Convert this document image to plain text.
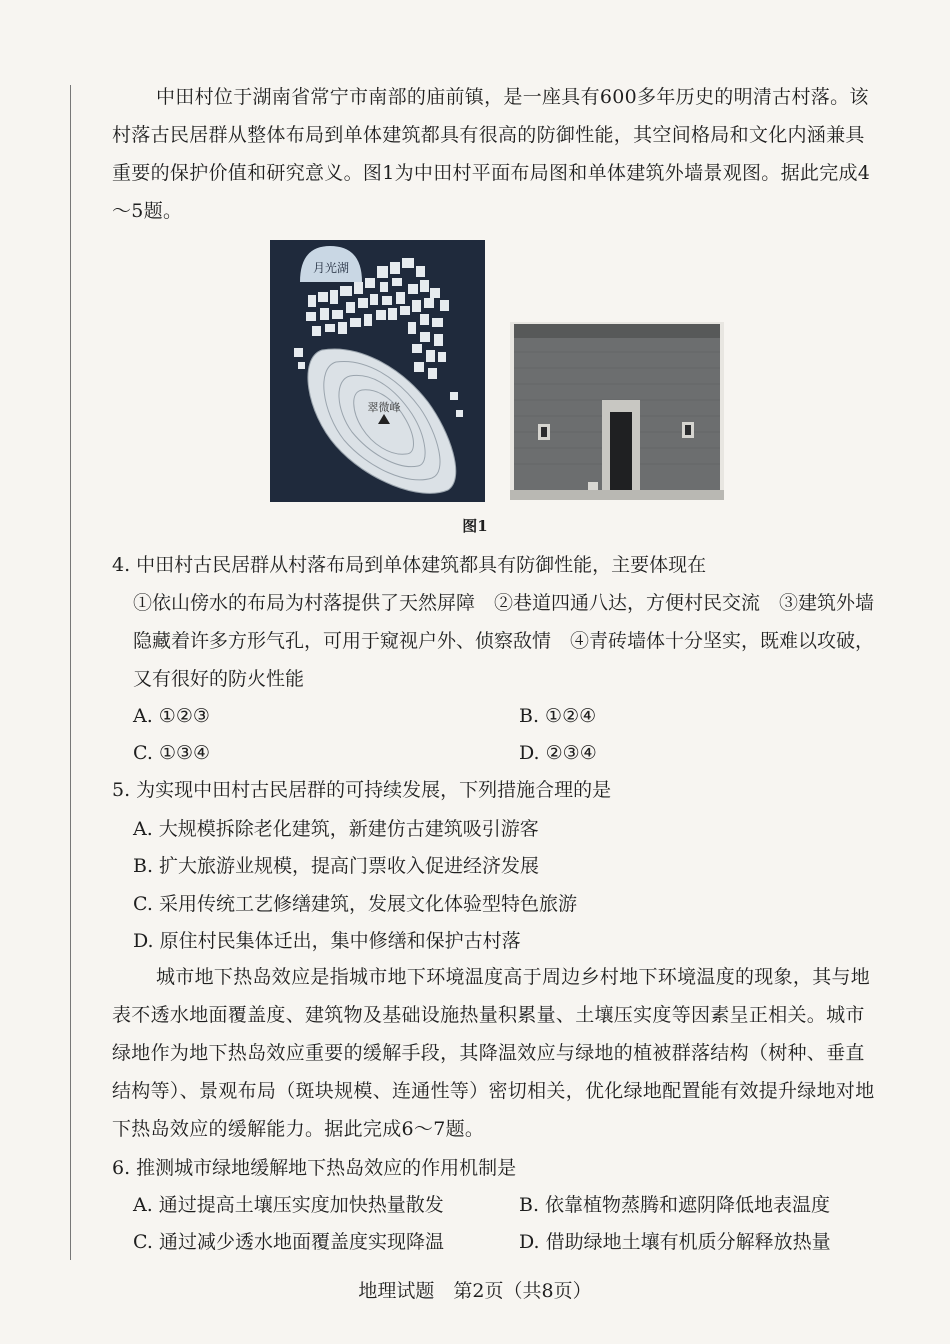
中田村位于湖南省常宁市南部的庙前镇，是一座具有600多年历史的明清古村落。该村落古民居群从整体布局到单体建筑都具有很高的防御性能，其空间格局和文化内涵兼具重要的保护价值和研究意义。图1为中田村平面布局图和单体建筑外墙景观图。据此完成4～5题。

月光湖
翠微峰
图1

4. 中田村古民居群从村落布局到单体建筑都具有防御性能，主要体现在

①依山傍水的布局为村落提供了天然屏障　②巷道四通八达，方便村民交流　③建筑外墙隐藏着许多方形气孔，可用于窥视户外、侦察敌情　④青砖墙体十分坚实，既难以攻破，又有很好的防火性能

A. ①②③	B. ①②④
C. ①③④	D. ②③④

5. 为实现中田村古民居群的可持续发展，下列措施合理的是

A. 大规模拆除老化建筑，新建仿古建筑吸引游客
B. 扩大旅游业规模，提高门票收入促进经济发展
C. 采用传统工艺修缮建筑，发展文化体验型特色旅游
D. 原住村民集体迁出，集中修缮和保护古村落

城市地下热岛效应是指城市地下环境温度高于周边乡村地下环境温度的现象，其与地表不透水地面覆盖度、建筑物及基础设施热量积累量、土壤压实度等因素呈正相关。城市绿地作为地下热岛效应重要的缓解手段，其降温效应与绿地的植被群落结构（树种、垂直结构等）、景观布局（斑块规模、连通性等）密切相关，优化绿地配置能有效提升绿地对地下热岛效应的缓解能力。据此完成6～7题。

6. 推测城市绿地缓解地下热岛效应的作用机制是

A. 通过提高土壤压实度加快热量散发	B. 依靠植物蒸腾和遮阴降低地表温度
C. 通过减少透水地面覆盖度实现降温	D. 借助绿地土壤有机质分解释放热量
地理试题　第2页（共8页）
